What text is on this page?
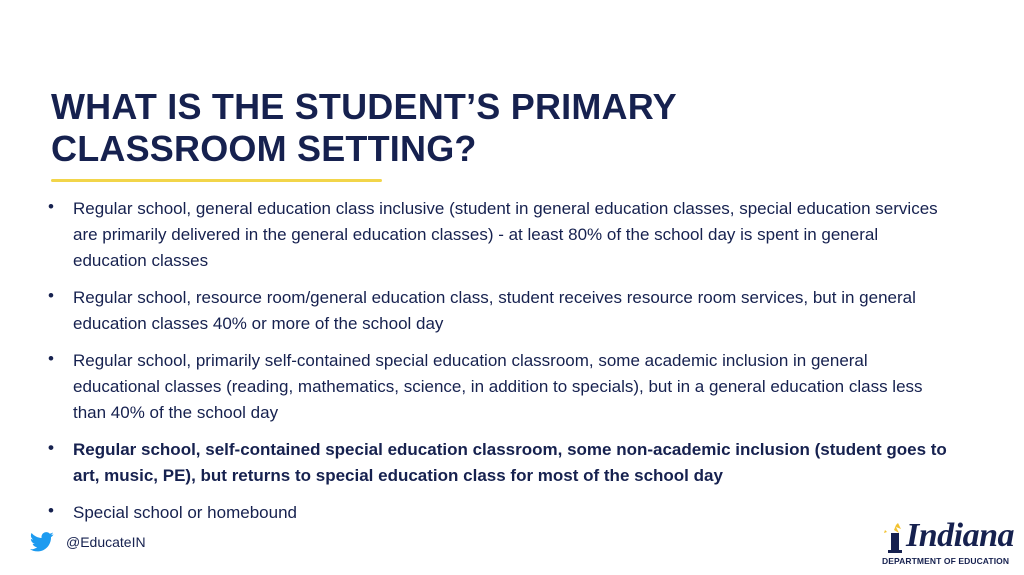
WHAT IS THE STUDENT’S PRIMARY
CLASSROOM SETTING?
• Regular school, general education class inclusive (student in general education classes, special education services are primarily delivered in the general education classes) - at least 80% of the school day is spent in general education classes
• Regular school, resource room/general education class, student receives resource room services, but in general education classes 40% or more of the school day
• Regular school, primarily self-contained special education classroom, some academic inclusion in general educational classes (reading, mathematics, science, in addition to specials), but in a general education class less than 40% of the school day
• Regular school, self-contained special education classroom, some non-academic inclusion (student goes to art, music, PE), but returns to special education class for most of the school day
• Special school or homebound
@EducateIN	Indiana
DEPARTMENT OF EDUCATION
